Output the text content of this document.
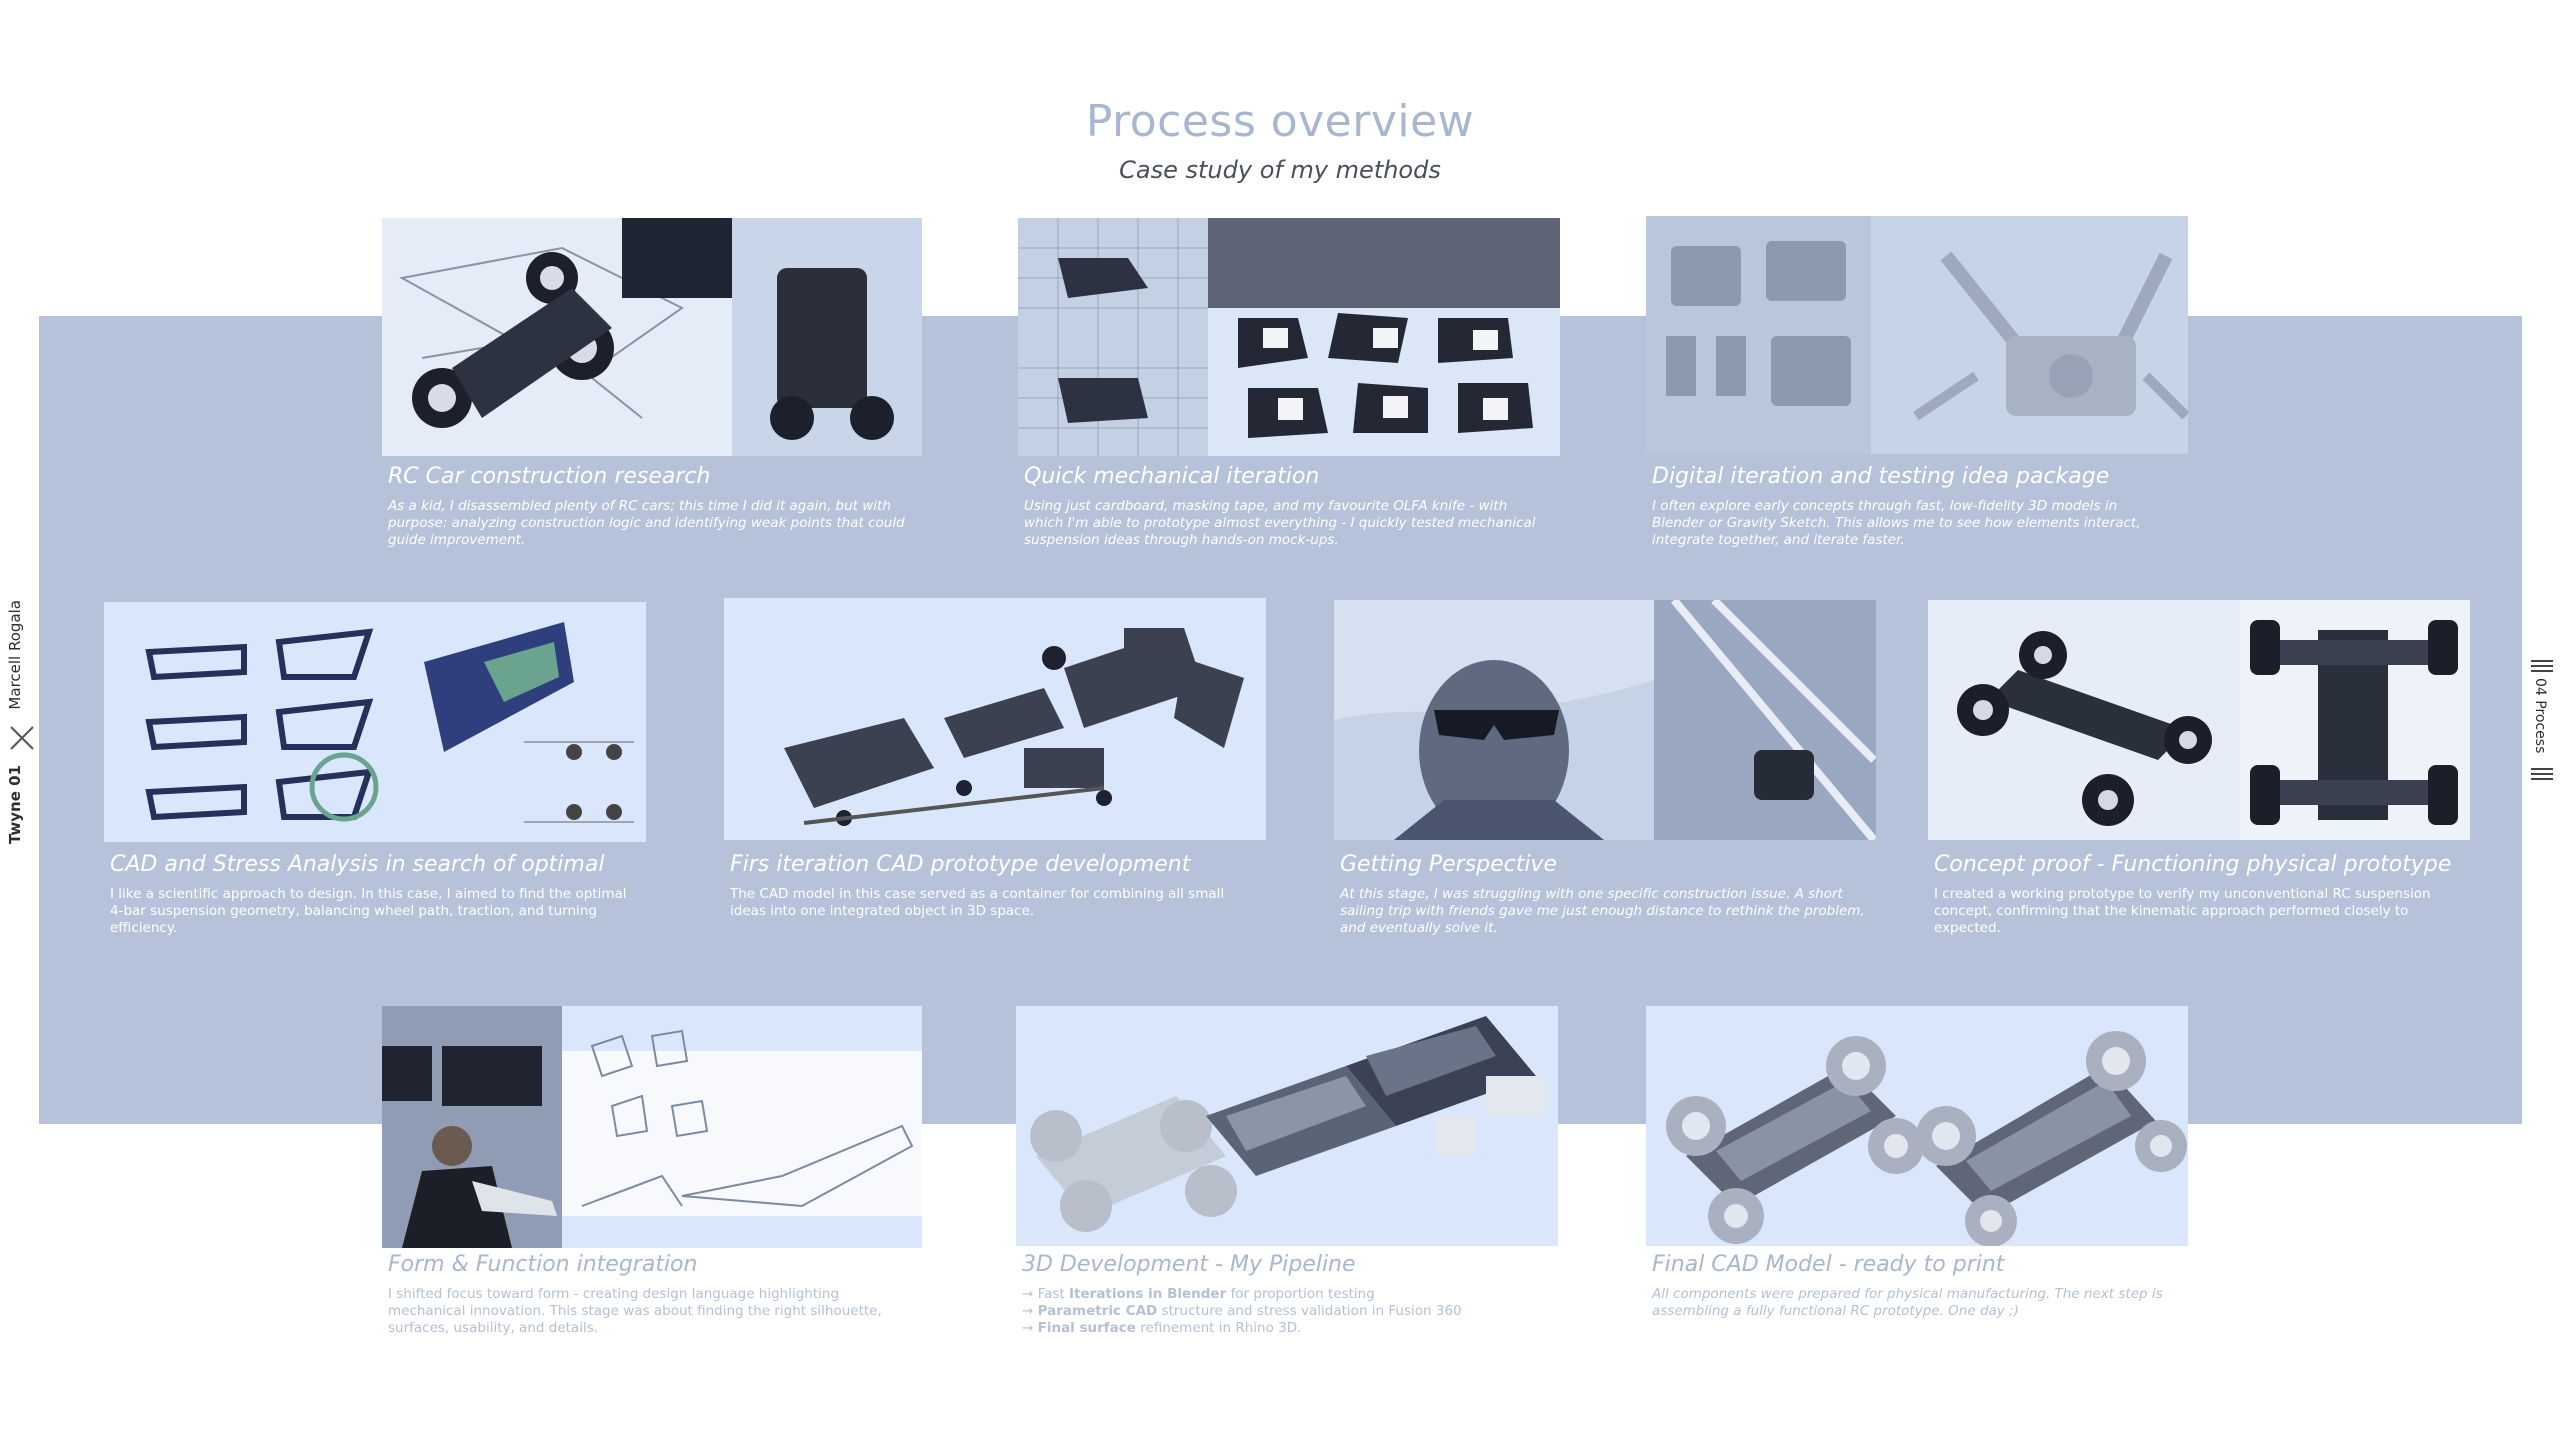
Process overview
Case study of my methods
Marcell Rogala
Twyne 01
04 Process
UNDERSTANDING CONTEXT
RC Car construction research
As a kid, I disassembled plenty of RC cars; this time I did it again, but with purpose: analyzing construction logic and identifying weak points that could guide improvement.
DIRTY PROTOTYPING
Quick mechanical iteration
Using just cardboard, masking tape, and my favourite OLFA knife - with which I'm able to prototype almost everything - I quickly tested mechanical suspension ideas through hands-on mock-ups.
DEFINING CONCEPT
Digital iteration and testing idea package
I often explore early concepts through fast, low-fidelity 3D models in Blender or Gravity Sketch. This allows me to see how elements interact, integrate together, and iterate faster.
CAD and Stress Analysis in search of optimal
I like a scientific approach to design. In this case, I aimed to find the optimal 4-bar suspension geometry, balancing wheel path, traction, and turning efficiency.
Firs iteration CAD prototype development
The CAD model in this case served as a container for combining all small ideas into one integrated object in 3D space.
Getting Perspective
At this stage, I was struggling with one specific construction issue. A short sailing trip with friends gave me just enough distance to rethink the problem, and eventually solve it.
Concept proof - Functioning physical prototype
I created a working prototype to verify my unconventional RC suspension concept, confirming that the kinematic approach performed closely to expected.
Form & Function integration
I shifted focus toward form - creating design language highlighting mechanical innovation. This stage was about finding the right silhouette, surfaces, usability, and details.
3D Development - My Pipeline
→ Fast Iterations in Blender for proportion testing
→ Parametric CAD structure and stress validation in Fusion 360
→ Final surface refinement in Rhino 3D.
Final CAD Model - ready to print
All components were prepared for physical manufacturing. The next step is assembling a fully functional RC prototype. One day ;)
